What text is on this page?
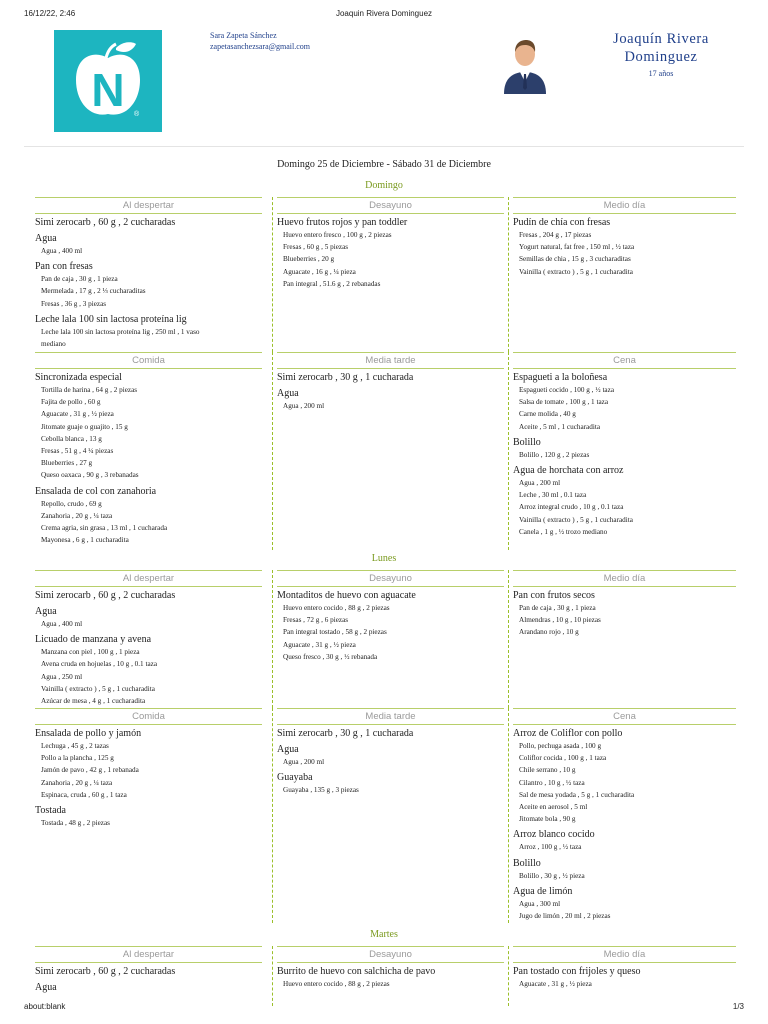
16/12/22, 2:46	Joaquin Rivera Dominguez
N ®
Sara Zapeta Sánchez
zapetasanchezsara@gmail.com	Joaquín Rivera
Dominguez
17 años
Domingo 25 de Diciembre - Sábado 31 de Diciembre
Domingo
Al despertar
Simi zerocarb , 60 g , 2 cucharadas
Agua
Agua , 400 ml
Pan con fresas
Pan de caja , 30 g , 1 pieza
Mermelada , 17 g , 2 ⅓ cucharaditas
Fresas , 36 g , 3 piezas
Leche lala 100 sin lactosa proteína lig
Leche lala 100 sin lactosa proteína lig , 250 ml , 1 vaso
mediano
Desayuno
Huevo frutos rojos y pan toddler
Huevo entero fresco , 100 g , 2 piezas
Fresas , 60 g , 5 piezas
Blueberries , 20 g
Aguacate , 16 g , ¼ pieza
Pan integral , 51.6 g , 2 rebanadas
Medio día
Pudín de chía con fresas
Fresas , 204 g , 17 piezas
Yogurt natural, fat free , 150 ml , ½ taza
Semillas de chia , 15 g , 3 cucharaditas
Vainilla ( extracto ) , 5 g , 1 cucharadita
Comida
Sincronizada especial
Tortilla de harina , 64 g , 2 piezas
Fajita de pollo , 60 g
Aguacate , 31 g , ½ pieza
Jitomate guaje o guajito , 15 g
Cebolla blanca , 13 g
Fresas , 51 g , 4 ¼ piezas
Blueberries , 27 g
Queso oaxaca , 90 g , 3 rebanadas
Ensalada de col con zanahoria
Repollo, crudo , 69 g
Zanahoria , 20 g , ¼ taza
Crema agria, sin grasa , 13 ml , 1 cucharada
Mayonesa , 6 g , 1 cucharadita
Media tarde
Simi zerocarb , 30 g , 1 cucharada
Agua
Agua , 200 ml
Cena
Espagueti a la boloñesa
Espagueti cocido , 100 g , ½ taza
Salsa de tomate , 100 g , 1 taza
Carne molida , 40 g
Aceite , 5 ml , 1 cucharadita
Bolillo
Bolillo , 120 g , 2 piezas
Agua de horchata con arroz
Agua , 200 ml
Leche , 30 ml , 0.1 taza
Arroz integral crudo , 10 g , 0.1 taza
Vainilla ( extracto ) , 5 g , 1 cucharadita
Canela , 1 g , ½ trozo mediano
Lunes
Al despertar
Simi zerocarb , 60 g , 2 cucharadas
Agua
Agua , 400 ml
Licuado de manzana y avena
Manzana con piel , 100 g , 1 pieza
Avena cruda en hojuelas , 10 g , 0.1 taza
Agua , 250 ml
Vainilla ( extracto ) , 5 g , 1 cucharadita
Azúcar de mesa , 4 g , 1 cucharadita
Desayuno
Montaditos de huevo con aguacate
Huevo entero cocido , 88 g , 2 piezas
Fresas , 72 g , 6 piezas
Pan integral tostado , 58 g , 2 piezas
Aguacate , 31 g , ½ pieza
Queso fresco , 30 g , ½ rebanada
Medio día
Pan con frutos secos
Pan de caja , 30 g , 1 pieza
Almendras , 10 g , 10 piezas
Arandano rojo , 10 g
Comida
Ensalada de pollo y jamón
Lechuga , 45 g , 2 tazas
Pollo a la plancha , 125 g
Jamón de pavo , 42 g , 1 rebanada
Zanahoria , 20 g , ¼ taza
Espinaca, cruda , 60 g , 1 taza
Tostada
Tostada , 48 g , 2 piezas
Media tarde
Simi zerocarb , 30 g , 1 cucharada
Agua
Agua , 200 ml
Guayaba
Guayaba , 135 g , 3 piezas
Cena
Arroz de Coliflor con pollo
Pollo, pechuga asada , 100 g
Coliflor cocida , 100 g , 1 taza
Chile serrano , 10 g
Cilantro , 10 g , ½ taza
Sal de mesa yodada , 5 g , 1 cucharadita
Aceite en aerosol , 5 ml
Jitomate bola , 90 g
Arroz blanco cocido
Arroz , 100 g , ½ taza
Bolillo
Bolillo , 30 g , ½ pieza
Agua de limón
Agua , 300 ml
Jugo de limón , 20 ml , 2 piezas
Martes
Al despertar
Simi zerocarb , 60 g , 2 cucharadas
Agua
Desayuno
Burrito de huevo con salchicha de pavo
Huevo entero cocido , 88 g , 2 piezas
Medio día
Pan tostado con frijoles y queso
Aguacate , 31 g , ½ pieza
about:blank	1/3
